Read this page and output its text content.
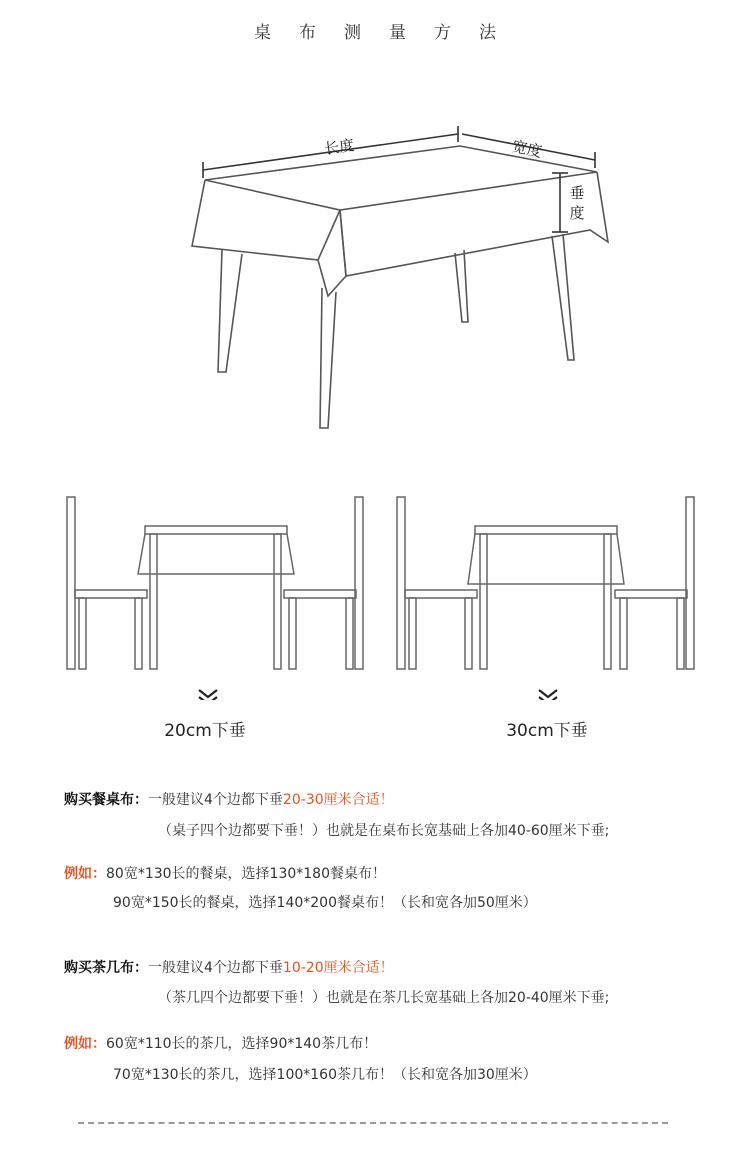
桌布测量方法
长度	宽度
垂
度
20cm下垂	30cm下垂
购买餐桌布：一般建议4个边都下垂20-30厘米合适！
（桌子四个边都要下垂！）也就是在桌布长宽基础上各加40-60厘米下垂;
例如：80宽*130长的餐桌，选择130*180餐桌布！
90宽*150长的餐桌，选择140*200餐桌布！（长和宽各加50厘米）
购买茶几布：一般建议4个边都下垂10-20厘米合适！
（茶几四个边都要下垂！）也就是在茶几长宽基础上各加20-40厘米下垂;
例如：60宽*110长的茶几，选择90*140茶几布！
70宽*130长的茶几，选择100*160茶几布！（长和宽各加30厘米）
